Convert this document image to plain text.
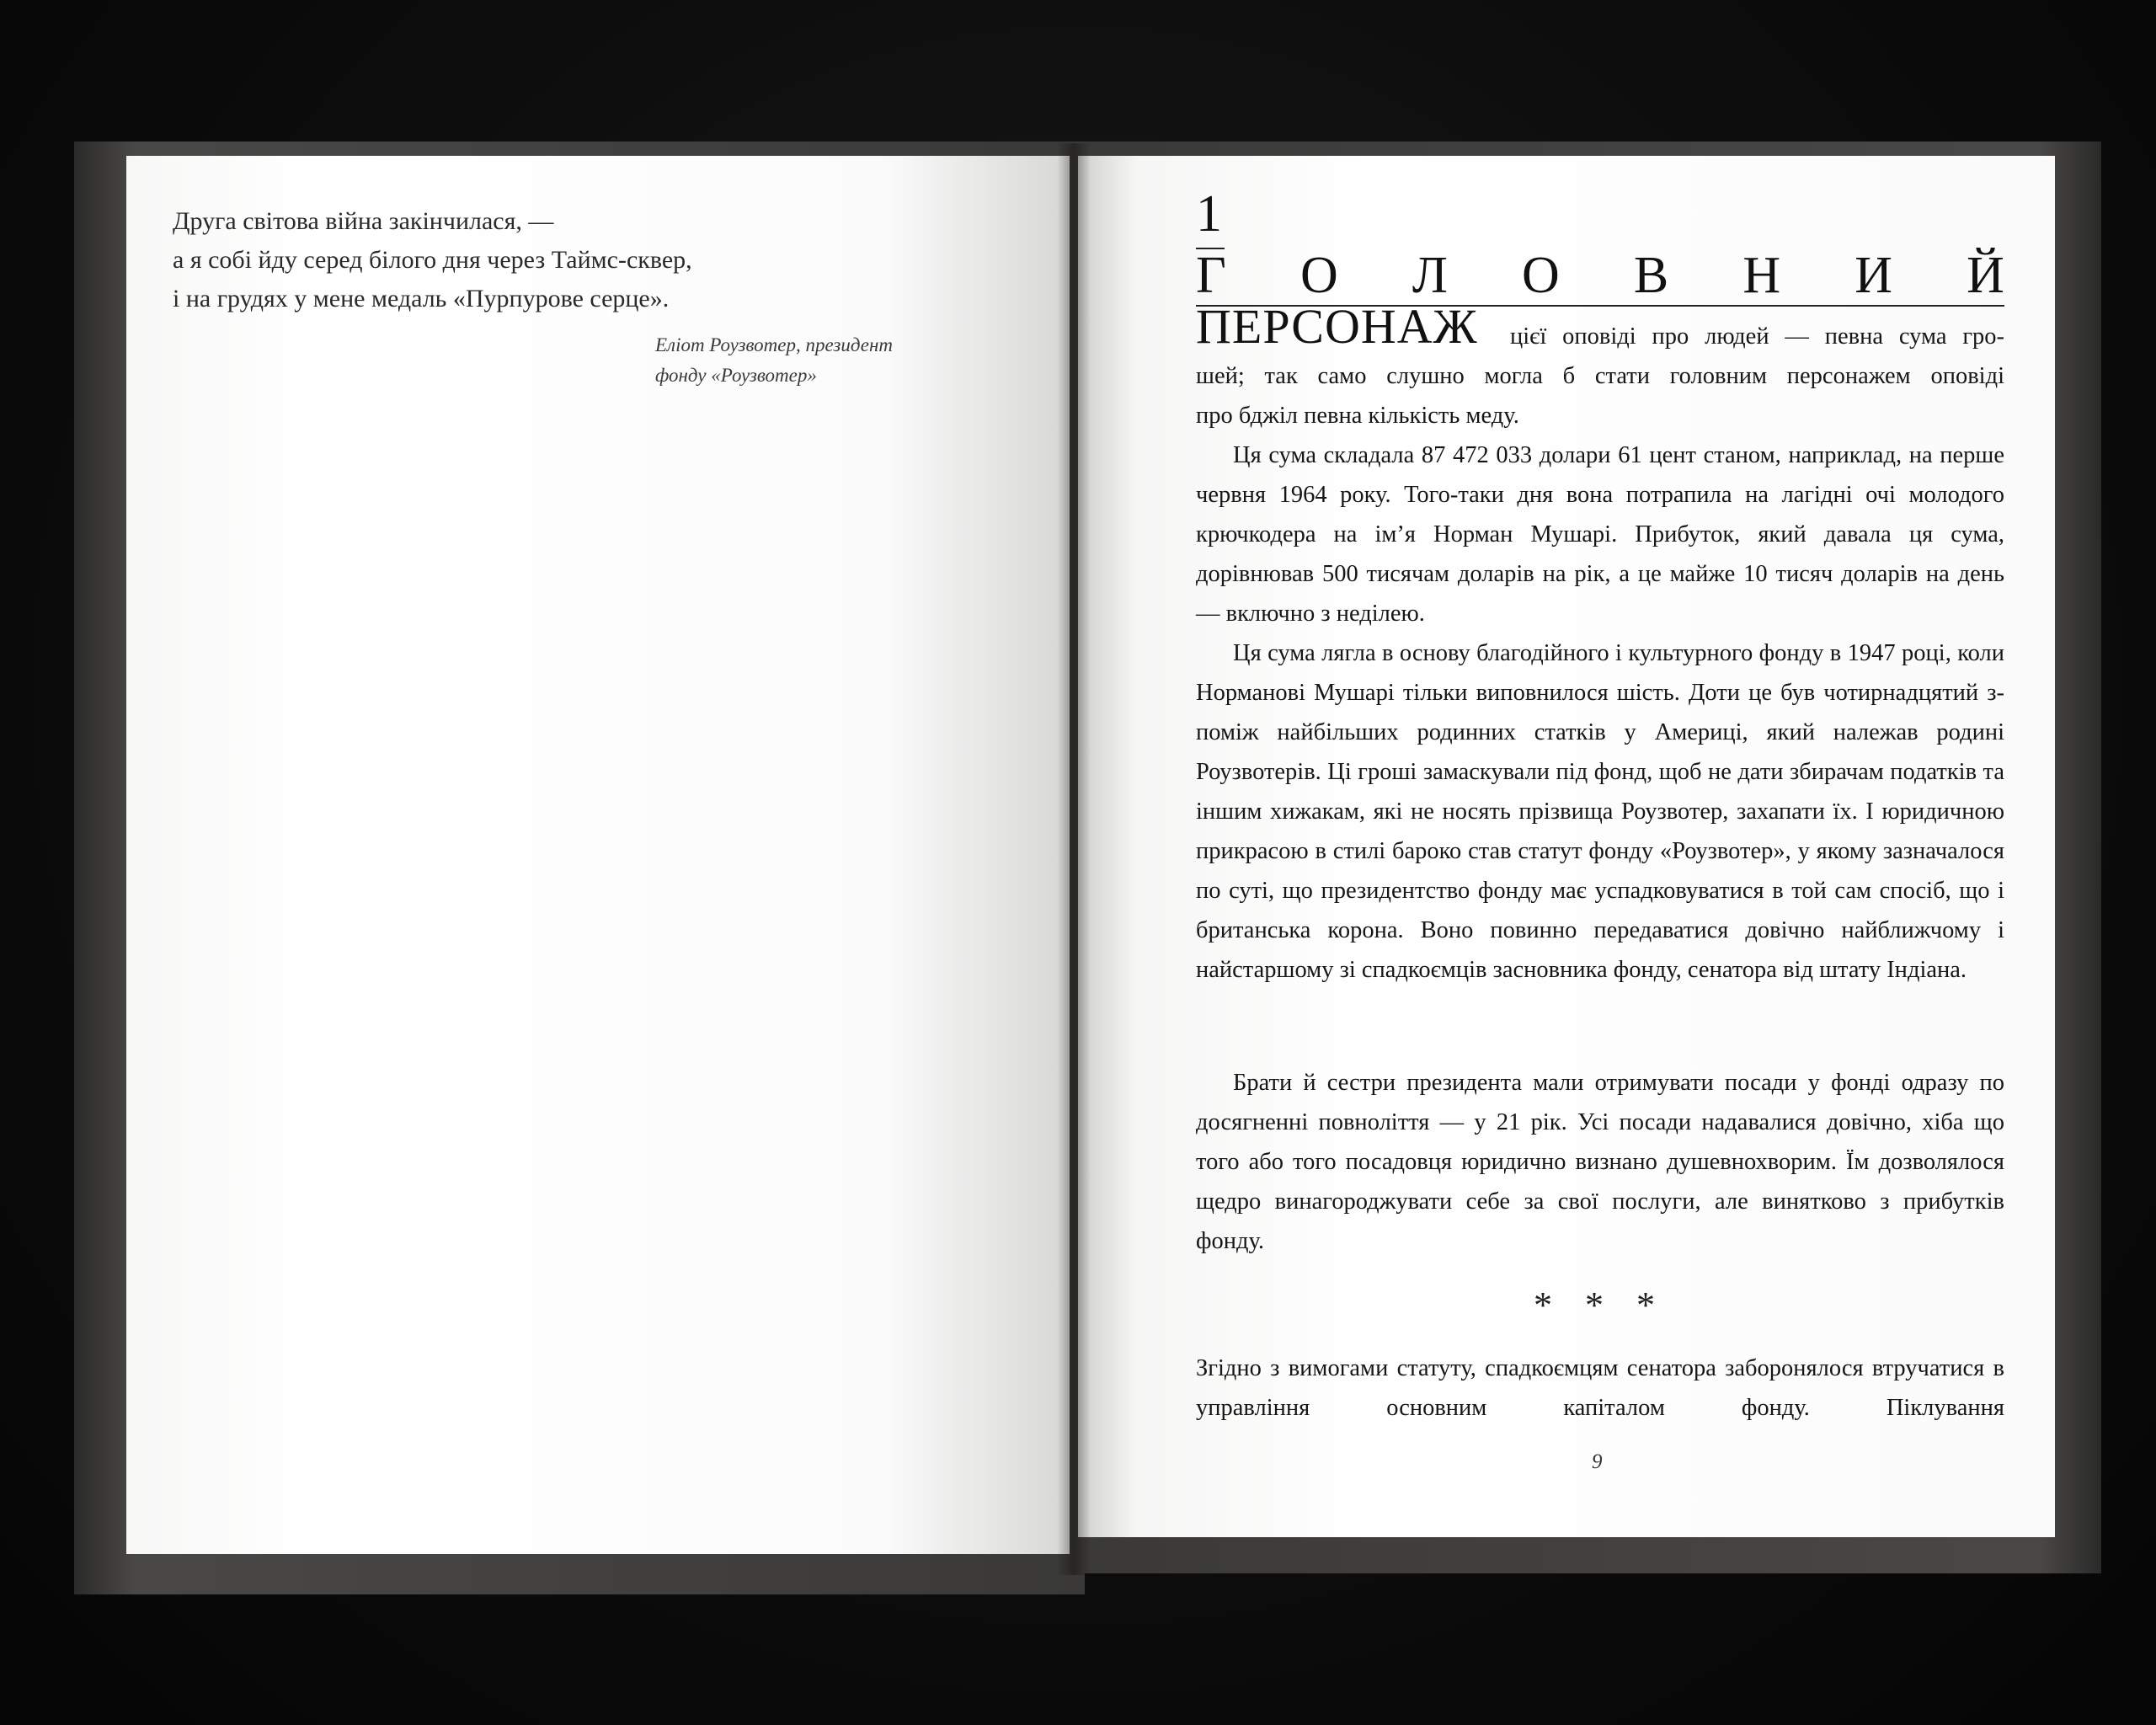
Друга світова війна закінчилася, —
а я собі йду серед білого дня через Таймс-сквер,
і на грудях у мене медаль «Пурпурове серце».
Еліот Роузвотер, президент
фонду «Роузвотер»
1
Г О Л О В Н И Й
ПЕРСОНАЖ цієї оповіді про людей — певна сума гро-
шей; так само слушно могла б стати головним персонажем оповіді
про бджіл певна кількість меду.
Ця сума складала 87 472 033 долари 61 цент станом, наприклад, на перше червня 1964 року. Того-таки дня вона потрапила на лагідні очі молодого крючкодера на ім’я Норман Мушарі. Прибуток, який давала ця сума, дорівнював 500 тисячам доларів на рік, а це майже 10 тисяч доларів на день — включно з неділею.
Ця сума лягла в основу благодійного і культурного фонду в 1947 році, коли Нормановi Мушарі тільки виповнилося шість. Доти це був чотирнадцятий з-поміж найбільших родинних статків у Америці, який належав родині Роузвотерів. Ці гроші замаскували під фонд, щоб не дати збирачам податків та іншим хижакам, які не носять прізвища Роузвотер, захапати їх. І юридичною прикрасою в стилі бароко став статут фонду «Роузвотер», у якому зазначалося по суті, що президентство фонду має успадковуватися в той сам спосіб, що і британська корона. Воно повинно передаватися довічно найближчому і найстаршому зі спадкоємців засновника фонду, сенатора від штату Індіана.
Брати й сестри президента мали отримувати посади у фонді одразу по досягненні повноліття — у 21 рік. Усі посади надавалися довічно, хіба що того або того посадовця юридично визнано душевнохворим. Їм дозволялося щедро винагороджувати себе за свої послуги, але винятково з прибутків фонду.
* * *
Згідно з вимогами статуту, спадкоємцям сенатора заборонялося втручатися в управління основним капіталом фонду. Піклування
9
